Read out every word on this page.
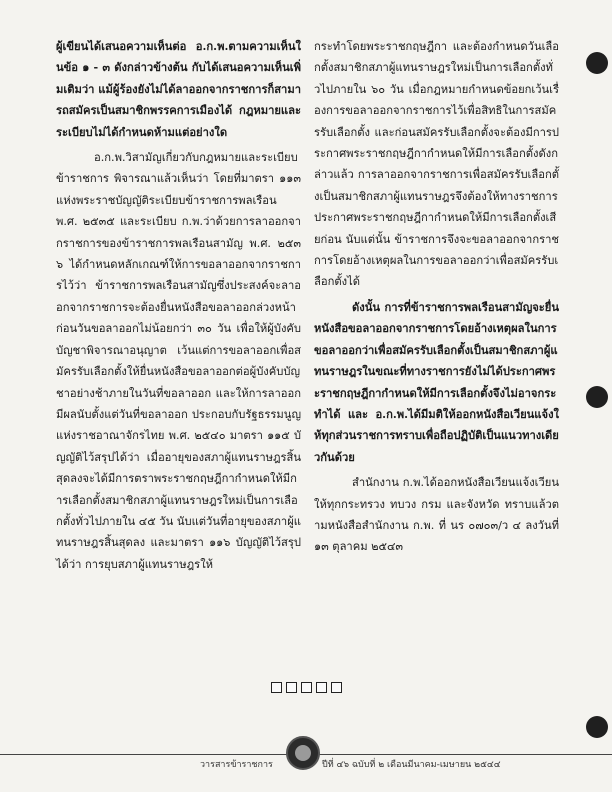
ผู้เขียนได้เสนอความเห็นต่อ อ.ก.พ.ตามความเห็นในข้อ ๑ - ๓ ดังกล่าวข้างต้น กับได้เสนอความเห็นเพิ่มเติมว่า แม้ผู้ร้องยังไม่ได้ลาออกจากราชการก็สามารถสมัครเป็นสมาชิกพรรคการเมืองได้ กฎหมายและระเบียบไม่ได้กำหนดห้ามแต่อย่างใด

อ.ก.พ.วิสามัญเกี่ยวกับกฎหมายและระเบียบข้าราชการ พิจารณาแล้วเห็นว่า โดยที่มาตรา ๑๑๓ แห่งพระราชบัญญัติระเบียบข้าราชการพลเรือน พ.ศ. ๒๕๓๕ และระเบียบ ก.พ.ว่าด้วยการลาออกจากราชการของข้าราชการพลเรือนสามัญ พ.ศ. ๒๕๓๖ ได้กำหนดหลักเกณฑ์ให้การขอลาออกจากราชการไว้ว่า ข้าราชการพลเรือนสามัญซึ่งประสงค์จะลาออกจากราชการจะต้องยื่นหนังสือขอลาออกล่วงหน้าก่อนวันขอลาออกไม่น้อยกว่า ๓๐ วัน เพื่อให้ผู้บังคับบัญชาพิจารณาอนุญาต เว้นแต่การขอลาออกเพื่อสมัครรับเลือกตั้งให้ยื่นหนังสือขอลาออกต่อผู้บังคับบัญชาอย่างช้าภายในวันที่ขอลาออก และให้การลาออกมีผลนับตั้งแต่วันที่ขอลาออก ประกอบกับรัฐธรรมนูญแห่งราชอาณาจักรไทย พ.ศ. ๒๕๔๐ มาตรา ๑๑๕ บัญญัติไว้สรุปได้ว่า เมื่ออายุของสภาผู้แทนราษฎรสิ้นสุดลงจะได้มีการตราพระราชกฤษฎีกากำหนดให้มีการเลือกตั้งสมาชิกสภาผู้แทนราษฎรใหม่เป็นการเลือกตั้งทั่วไปภายใน ๔๕ วัน นับแต่วันที่อายุของสภาผู้แทนราษฎรสิ้นสุดลง และมาตรา ๑๑๖ บัญญัติไว้สรุปได้ว่า การยุบสภาผู้แทนราษฎรให้

กระทำโดยพระราชกฤษฎีกา และต้องกำหนดวันเลือกตั้งสมาชิกสภาผู้แทนราษฎรใหม่เป็นการเลือกตั้งทั่วไปภายใน ๖๐ วัน เมื่อกฎหมายกำหนดข้อยกเว้นเรื่องการขอลาออกจากราชการไว้เพื่อสิทธิในการสมัครรับเลือกตั้ง และก่อนสมัครรับเลือกตั้งจะต้องมีการประกาศพระราชกฤษฎีกากำหนดให้มีการเลือกตั้งดังกล่าวแล้ว การลาออกจากราชการเพื่อสมัครรับเลือกตั้งเป็นสมาชิกสภาผู้แทนราษฎรจึงต้องให้ทางราชการประกาศพระราชกฤษฎีกากำหนดให้มีการเลือกตั้งเสียก่อน นับแต่นั้น ข้าราชการจึงจะขอลาออกจากราชการโดยอ้างเหตุผลในการขอลาออกว่าเพื่อสมัครรับเลือกตั้งได้

ดังนั้น การที่ข้าราชการพลเรือนสามัญจะยื่นหนังสือขอลาออกจากราชการโดยอ้างเหตุผลในการขอลาออกว่าเพื่อสมัครรับเลือกตั้งเป็นสมาชิกสภาผู้แทนราษฎรในขณะที่ทางราชการยังไม่ได้ประกาศพระราชกฤษฎีกากำหนดให้มีการเลือกตั้งจึงไม่อาจกระทำได้ และ อ.ก.พ.ได้มีมติให้ออกหนังสือเวียนแจ้งให้ทุกส่วนราชการทราบเพื่อถือปฏิบัติเป็นแนวทางเดียวกันด้วย

สำนักงาน ก.พ.ได้ออกหนังสือเวียนแจ้งเวียนให้ทุกกระทรวง ทบวง กรม และจังหวัด ทราบแล้วตามหนังสือสำนักงาน ก.พ. ที่ นร ๐๗๐๓/ว ๔ ลงวันที่ ๑๓ ตุลาคม ๒๕๔๓

วารสารข้าราชการ	ปีที่ ๔๖ ฉบับที่ ๒ เดือนมีนาคม-เมษายน ๒๕๔๔
